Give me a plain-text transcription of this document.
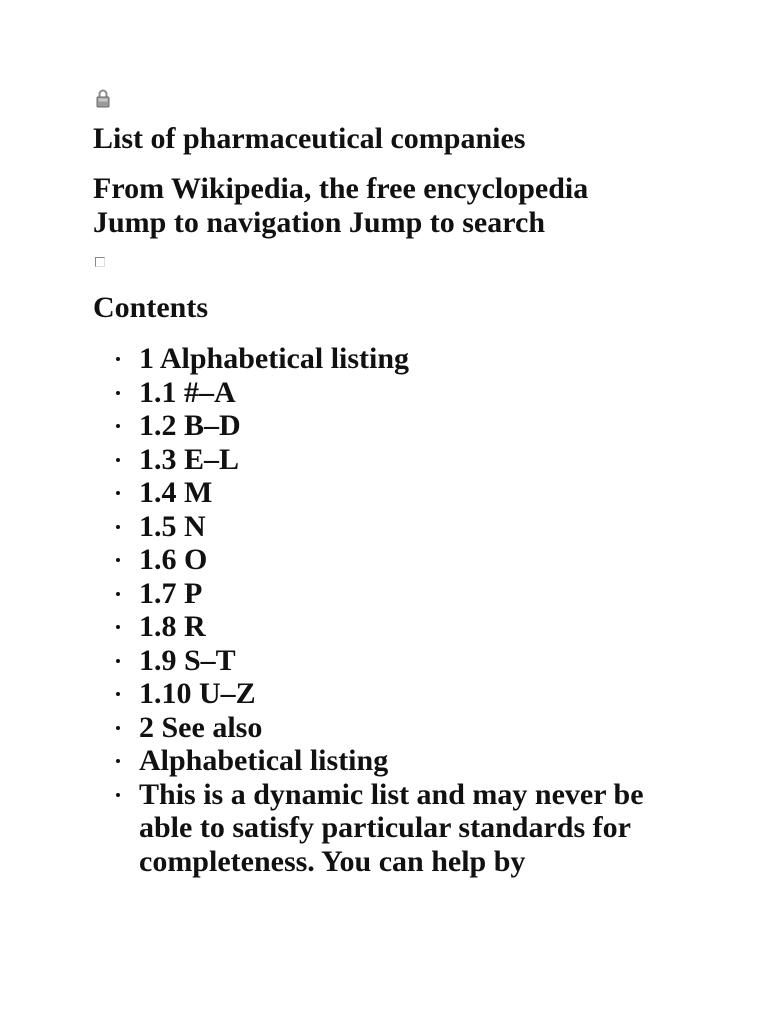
List of pharmaceutical companies
From Wikipedia, the free encyclopedia
Jump to navigation Jump to search
Contents
1 Alphabetical listing
1.1 #–A
1.2 B–D
1.3 E–L
1.4 M
1.5 N
1.6 O
1.7 P
1.8 R
1.9 S–T
1.10 U–Z
2 See also
Alphabetical listing
This is a dynamic list and may never be able to satisfy particular standards for completeness. You can help by
